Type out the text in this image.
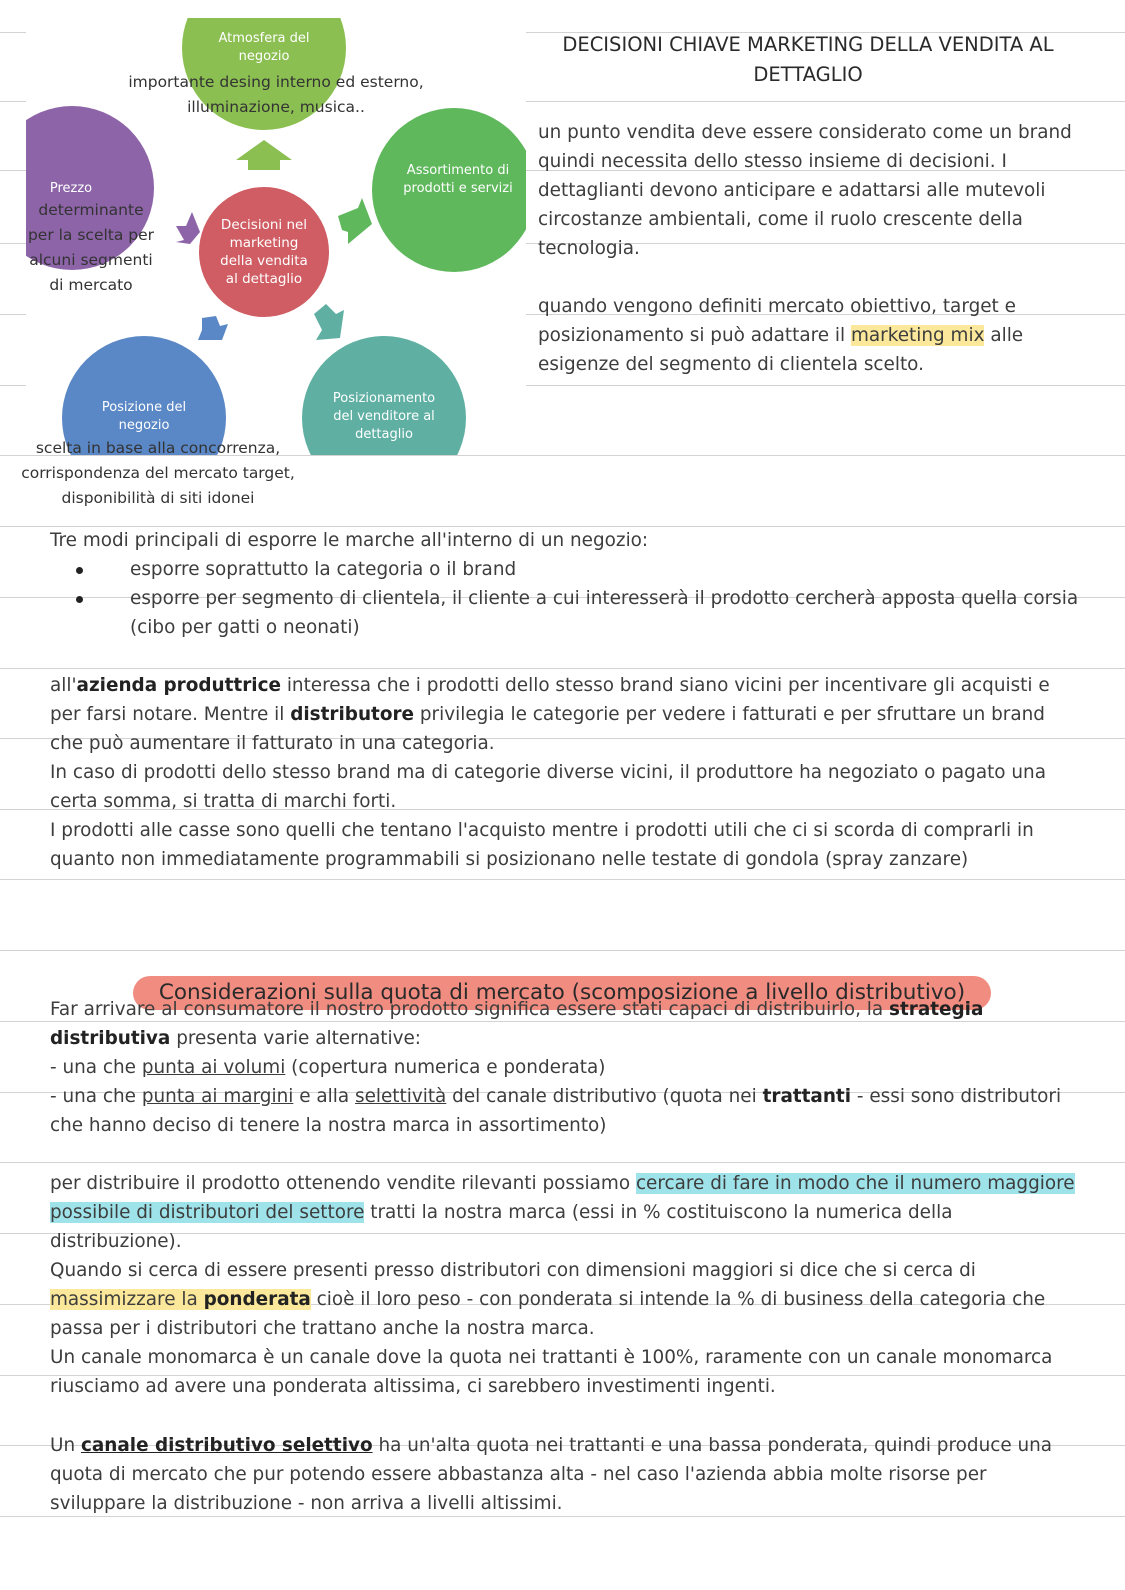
Atmosfera del negozio
importante desing interno ed esterno, illuminazione, musica..
Assortimento di prodotti e servizi
Decisioni nel marketing della vendita al dettaglio
Prezzo
determinante per la scelta per alcuni segmenti di mercato
Posizionamento del venditore al dettaglio
Posizione del negozio
scelta in base alla concorrenza, corrispondenza del mercato target, disponibilità di siti idonei
DECISIONI CHIAVE MARKETING DELLA VENDITA AL DETTAGLIO
un punto vendita deve essere considerato come un brand quindi necessita dello stesso insieme di decisioni. I dettaglianti devono anticipare e adattarsi alle mutevoli circostanze ambientali, come il ruolo crescente della tecnologia.
quando vengono definiti mercato obiettivo, target e posizionamento si può adattare il marketing mix alle esigenze del segmento di clientela scelto.

Tre modi principali di esporre le marche all'interno di un negozio:

esporre soprattutto la categoria o il brand
esporre per segmento di clientela, il cliente a cui interesserà il prodotto cercherà apposta quella corsia (cibo per gatti o neonati)

all'azienda produttrice interessa che i prodotti dello stesso brand siano vicini per incentivare gli acquisti e per farsi notare. Mentre il distributore privilegia le categorie per vedere i fatturati e per sfruttare un brand che può aumentare il fatturato in una categoria.

In caso di prodotti dello stesso brand ma di categorie diverse vicini, il produttore ha negoziato o pagato una certa somma, si tratta di marchi forti.

I prodotti alle casse sono quelli che tentano l'acquisto mentre i prodotti utili che ci si scorda di comprarli in quanto non immediatamente programmabili si posizionano nelle testate di gondola (spray zanzare)

Considerazioni sulla quota di mercato (scomposizione a livello distributivo)

Far arrivare al consumatore il nostro prodotto significa essere stati capaci di distribuirlo, la strategia distributiva presenta varie alternative:

- una che punta ai volumi (copertura numerica e ponderata)

- una che punta ai margini e alla selettività del canale distributivo (quota nei trattanti - essi sono distributori che hanno deciso di tenere la nostra marca in assortimento)

per distribuire il prodotto ottenendo vendite rilevanti possiamo cercare di fare in modo che il numero maggiore possibile di distributori del settore tratti la nostra marca (essi in % costituiscono la numerica della distribuzione).

Quando si cerca di essere presenti presso distributori con dimensioni maggiori si dice che si cerca di massimizzare la ponderata cioè il loro peso - con ponderata si intende la % di business della categoria che passa per i distributori che trattano anche la nostra marca.

Un canale monomarca è un canale dove la quota nei trattanti è 100%, raramente con un canale monomarca riusciamo ad avere una ponderata altissima, ci sarebbero investimenti ingenti.

Un canale distributivo selettivo ha un'alta quota nei trattanti e una bassa ponderata, quindi produce una quota di mercato che pur potendo essere abbastanza alta - nel caso l'azienda abbia molte risorse per sviluppare la distribuzione - non arriva a livelli altissimi.
